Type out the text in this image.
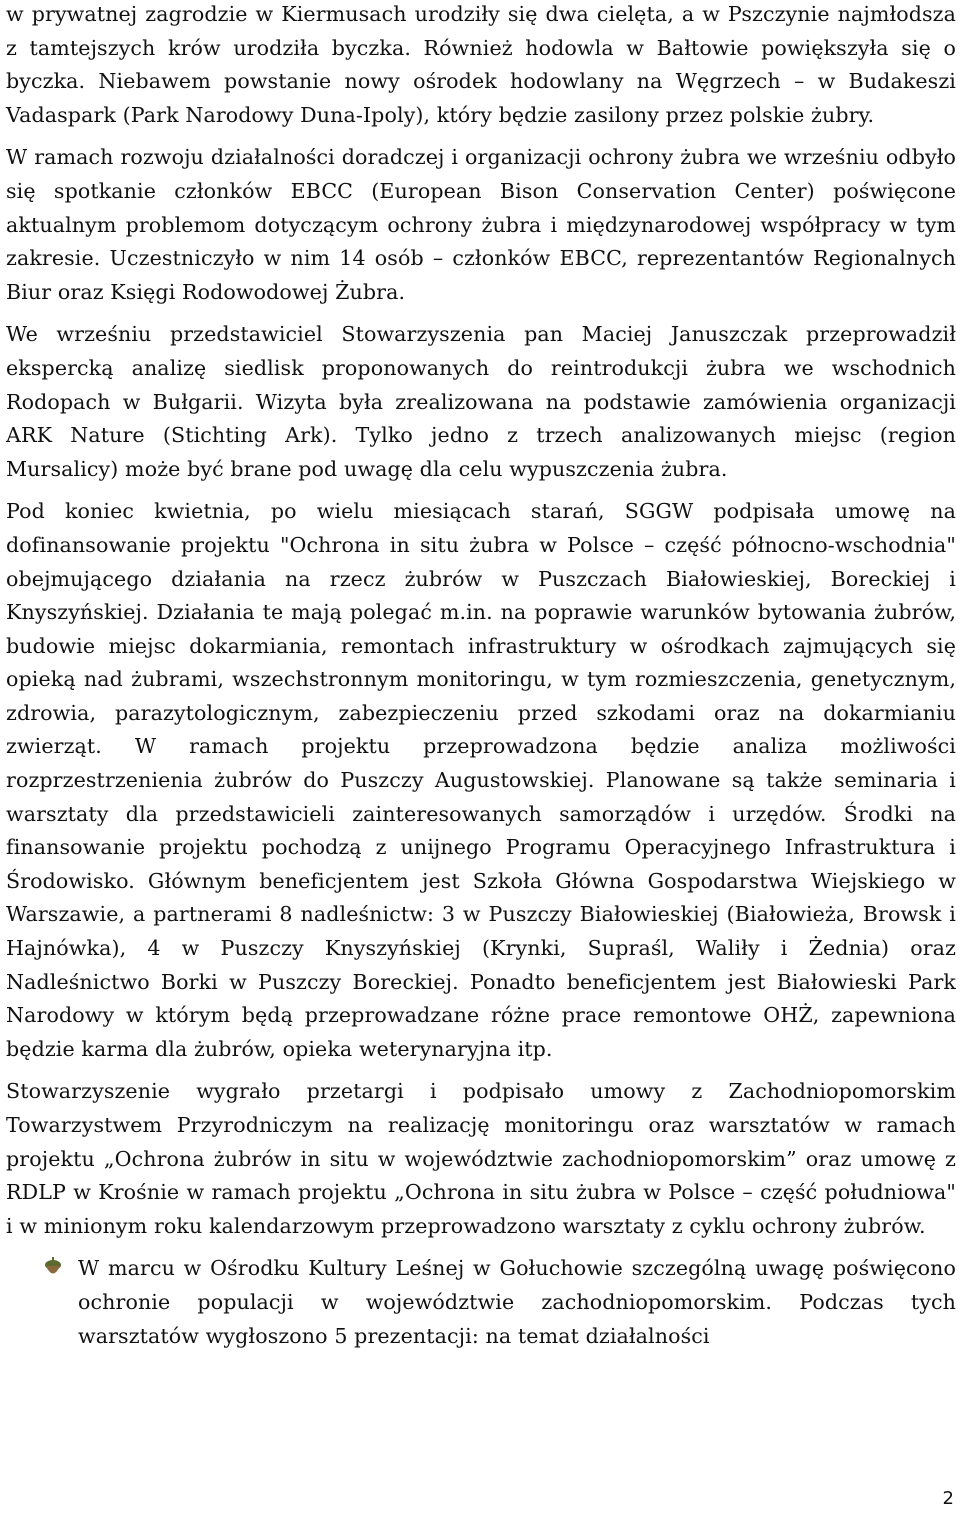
w prywatnej zagrodzie w Kiermusach urodziły się dwa cielęta, a w Pszczynie najmłodsza z tamtejszych krów urodziła byczka. Również hodowla w Bałtowie powiększyła się o byczka. Niebawem powstanie nowy ośrodek hodowlany na Węgrzech – w Budakeszi Vadaspark (Park Narodowy Duna-Ipoly), który będzie zasilony przez polskie żubry.

W ramach rozwoju działalności doradczej i organizacji ochrony żubra we wrześniu odbyło się spotkanie członków EBCC (European Bison Conservation Center) poświęcone aktualnym problemom dotyczącym ochrony żubra i międzynarodowej współpracy w tym zakresie. Uczestniczyło w nim 14 osób – członków EBCC, reprezentantów Regionalnych Biur oraz Księgi Rodowodowej Żubra.

We wrześniu przedstawiciel Stowarzyszenia pan Maciej Januszczak przeprowadził ekspercką analizę siedlisk proponowanych do reintrodukcji żubra we wschodnich Rodopach w Bułgarii. Wizyta była zrealizowana na podstawie zamówienia organizacji ARK Nature (Stichting Ark). Tylko jedno z trzech analizowanych miejsc (region Mursalicy) może być brane pod uwagę dla celu wypuszczenia żubra.

Pod koniec kwietnia, po wielu miesiącach starań, SGGW podpisała umowę na dofinansowanie projektu "Ochrona in situ żubra w Polsce – część północno-wschodnia" obejmującego działania na rzecz żubrów w Puszczach Białowieskiej, Boreckiej i Knyszyńskiej. Działania te mają polegać m.in. na poprawie warunków bytowania żubrów, budowie miejsc dokarmiania, remontach infrastruktury w ośrodkach zajmujących się opieką nad żubrami, wszechstronnym monitoringu, w tym rozmieszczenia, genetycznym, zdrowia, parazytologicznym, zabezpieczeniu przed szkodami oraz na dokarmianiu zwierząt. W ramach projektu przeprowadzona będzie analiza możliwości rozprzestrzenienia żubrów do Puszczy Augustowskiej. Planowane są także seminaria i warsztaty dla przedstawicieli zainteresowanych samorządów i urzędów. Środki na finansowanie projektu pochodzą z unijnego Programu Operacyjnego Infrastruktura i Środowisko. Głównym beneficjentem jest Szkoła Główna Gospodarstwa Wiejskiego w Warszawie, a partnerami 8 nadleśnictw: 3 w Puszczy Białowieskiej (Białowieża, Browsk i Hajnówka), 4 w Puszczy Knyszyńskiej (Krynki, Supraśl, Waliły i Żednia) oraz Nadleśnictwo Borki w Puszczy Boreckiej. Ponadto beneficjentem jest Białowieski Park Narodowy w którym będą przeprowadzane różne prace remontowe OHŻ, zapewniona będzie karma dla żubrów, opieka weterynaryjna itp.

Stowarzyszenie wygrało przetargi i podpisało umowy z Zachodniopomorskim Towarzystwem Przyrodniczym na realizację monitoringu oraz warsztatów w ramach projektu „Ochrona żubrów in situ w województwie zachodniopomorskim” oraz umowę z RDLP w Krośnie w ramach projektu „Ochrona in situ żubra w Polsce – część południowa" i w minionym roku kalendarzowym przeprowadzono warsztaty z cyklu ochrony żubrów.

W marcu w Ośrodku Kultury Leśnej w Gołuchowie szczególną uwagę poświęcono ochronie populacji w województwie zachodniopomorskim. Podczas tych warsztatów wygłoszono 5 prezentacji: na temat działalności

2
